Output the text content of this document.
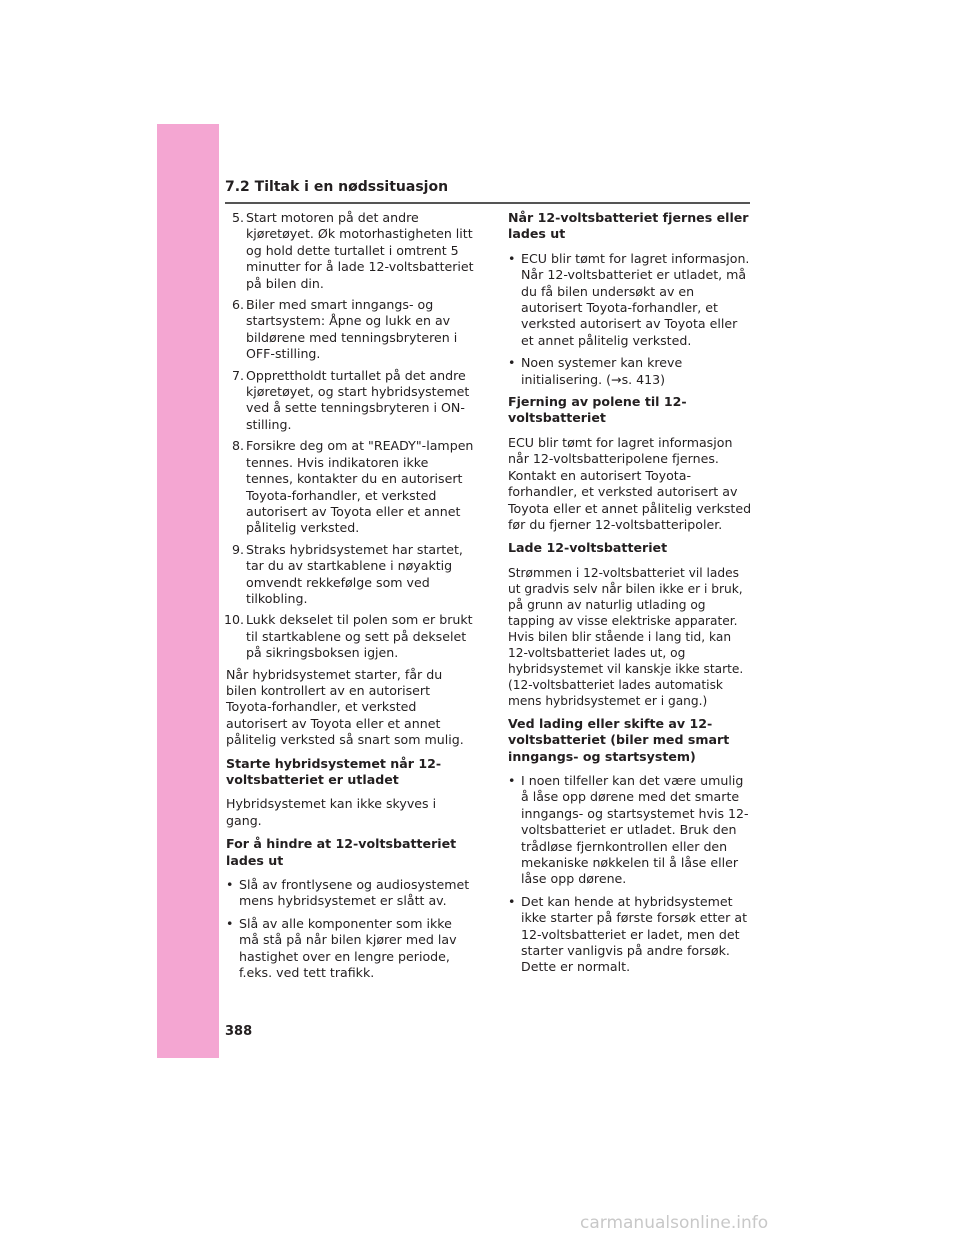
7.2 Tiltak i en nødssituasjon
5. Start motoren på det andre kjøretøyet. Øk motorhastigheten litt og hold dette turtallet i omtrent 5 minutter for å lade 12-voltsbatteriet på bilen din.
6. Biler med smart inngangs- og startsystem: Åpne og lukk en av bildørene med tenningsbryteren i OFF-stilling.
7. Opprettholdt turtallet på det andre kjøretøyet, og start hybridsystemet ved å sette tenningsbryteren i ON-stilling.
8. Forsikre deg om at "READY"-lampen tennes. Hvis indikatoren ikke tennes, kontakter du en autorisert Toyota-forhandler, et verksted autorisert av Toyota eller et annet pålitelig verksted.
9. Straks hybridsystemet har startet, tar du av startkablene i nøyaktig omvendt rekkefølge som ved tilkobling.
10. Lukk dekselet til polen som er brukt til startkablene og sett på dekselet på sikringsboksen igjen.

Når hybridsystemet starter, får du bilen kontrollert av en autorisert Toyota-forhandler, et verksted autorisert av Toyota eller et annet pålitelig verksted så snart som mulig.

Starte hybridsystemet når 12-voltsbatteriet er utladet

Hybridsystemet kan ikke skyves i gang.

For å hindre at 12-voltsbatteriet lades ut

• Slå av frontlysene og audiosystemet mens hybridsystemet er slått av.
• Slå av alle komponenter som ikke må stå på når bilen kjører med lav hastighet over en lengre periode, f.eks. ved tett trafikk.

Når 12-voltsbatteriet fjernes eller lades ut

• ECU blir tømt for lagret informasjon. Når 12-voltsbatteriet er utladet, må du få bilen undersøkt av en autorisert Toyota-forhandler, et verksted autorisert av Toyota eller et annet pålitelig verksted.
• Noen systemer kan kreve initialisering. (→s. 413)

Fjerning av polene til 12-voltsbatteriet

ECU blir tømt for lagret informasjon når 12-voltsbatteripolene fjernes. Kontakt en autorisert Toyota-forhandler, et verksted autorisert av Toyota eller et annet pålitelig verksted før du fjerner 12-voltsbatteripoler.

Lade 12-voltsbatteriet

Strømmen i 12-voltsbatteriet vil lades ut gradvis selv når bilen ikke er i bruk, på grunn av naturlig utlading og tapping av visse elektriske apparater. Hvis bilen blir stående i lang tid, kan 12-voltsbatteriet lades ut, og hybridsystemet vil kanskje ikke starte. (12-voltsbatteriet lades automatisk mens hybridsystemet er i gang.)

Ved lading eller skifte av 12-voltsbatteriet (biler med smart inngangs- og startsystem)

• I noen tilfeller kan det være umulig å låse opp dørene med det smarte inngangs- og startsystemet hvis 12-voltsbatteriet er utladet. Bruk den trådløse fjernkontrollen eller den mekaniske nøkkelen til å låse eller låse opp dørene.
• Det kan hende at hybridsystemet ikke starter på første forsøk etter at 12-voltsbatteriet er ladet, men det starter vanligvis på andre forsøk. Dette er normalt.
388
carmanualsonline.info
